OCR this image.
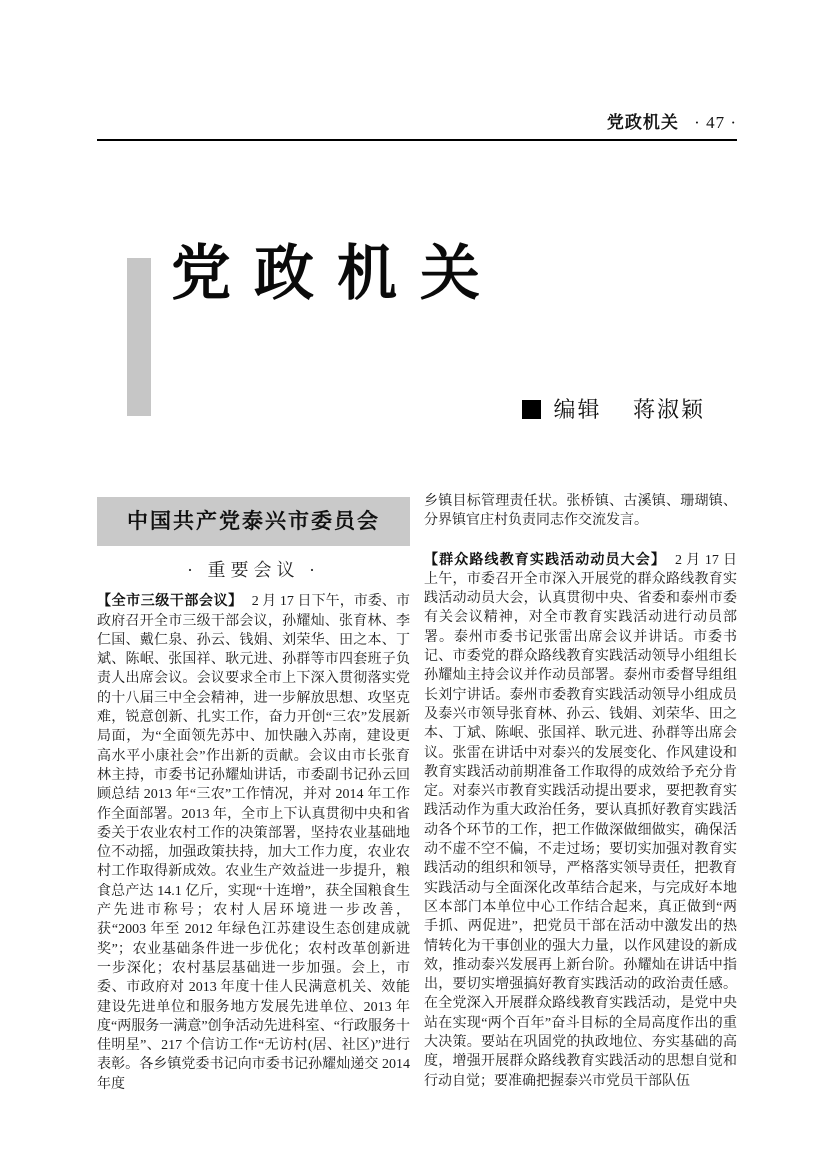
党政机关 · 47 ·
党政机关
编辑 蒋淑颖
中国共产党泰兴市委员会
· 重要会议 ·

【全市三级干部会议】 2 月 17 日下午，市委、市政府召开全市三级干部会议，孙耀灿、张育林、李仁国、戴仁泉、孙云、钱娟、刘荣华、田之本、丁斌、陈岷、张国祥、耿元进、孙群等市四套班子负责人出席会议。会议要求全市上下深入贯彻落实党的十八届三中全会精神，进一步解放思想、攻坚克难，锐意创新、扎实工作，奋力开创“三农”发展新局面，为“全面领先苏中、加快融入苏南，建设更高水平小康社会”作出新的贡献。会议由市长张育林主持，市委书记孙耀灿讲话，市委副书记孙云回顾总结 2013 年“三农”工作情况，并对 2014 年工作作全面部署。2013 年，全市上下认真贯彻中央和省委关于农业农村工作的决策部署，坚持农业基础地位不动摇，加强政策扶持，加大工作力度，农业农村工作取得新成效。农业生产效益进一步提升，粮食总产达 14.1 亿斤，实现“十连增”，获全国粮食生产先进市称号；农村人居环境进一步改善，获“2003 年至 2012 年绿色江苏建设生态创建成就奖”；农业基础条件进一步优化；农村改革创新进一步深化；农村基层基础进一步加强。会上，市委、市政府对 2013 年度十佳人民满意机关、效能建设先进单位和服务地方发展先进单位、2013 年度“两服务一满意”创争活动先进科室、“行政服务十佳明星”、217 个信访工作“无访村(居、社区)”进行表彰。各乡镇党委书记向市委书记孙耀灿递交 2014 年度

乡镇目标管理责任状。张桥镇、古溪镇、珊瑚镇、分界镇官庄村负责同志作交流发言。

【群众路线教育实践活动动员大会】 2 月 17 日上午，市委召开全市深入开展党的群众路线教育实践活动动员大会，认真贯彻中央、省委和泰州市委有关会议精神，对全市教育实践活动进行动员部署。泰州市委书记张雷出席会议并讲话。市委书记、市委党的群众路线教育实践活动领导小组组长孙耀灿主持会议并作动员部署。泰州市委督导组组长刘宁讲话。泰州市委教育实践活动领导小组成员及泰兴市领导张育林、孙云、钱娟、刘荣华、田之本、丁斌、陈岷、张国祥、耿元进、孙群等出席会议。张雷在讲话中对泰兴的发展变化、作风建设和教育实践活动前期准备工作取得的成效给予充分肯定。对泰兴市教育实践活动提出要求，要把教育实践活动作为重大政治任务，要认真抓好教育实践活动各个环节的工作，把工作做深做细做实，确保活动不虚不空不偏，不走过场；要切实加强对教育实践活动的组织和领导，严格落实领导责任，把教育实践活动与全面深化改革结合起来，与完成好本地区本部门本单位中心工作结合起来，真正做到“两手抓、两促进”，把党员干部在活动中激发出的热情转化为干事创业的强大力量，以作风建设的新成效，推动泰兴发展再上新台阶。孙耀灿在讲话中指出，要切实增强搞好教育实践活动的政治责任感。在全党深入开展群众路线教育实践活动，是党中央站在实现“两个百年”奋斗目标的全局高度作出的重大决策。要站在巩固党的执政地位、夯实基础的高度，增强开展群众路线教育实践活动的思想自觉和行动自觉；要准确把握泰兴市党员干部队伍
